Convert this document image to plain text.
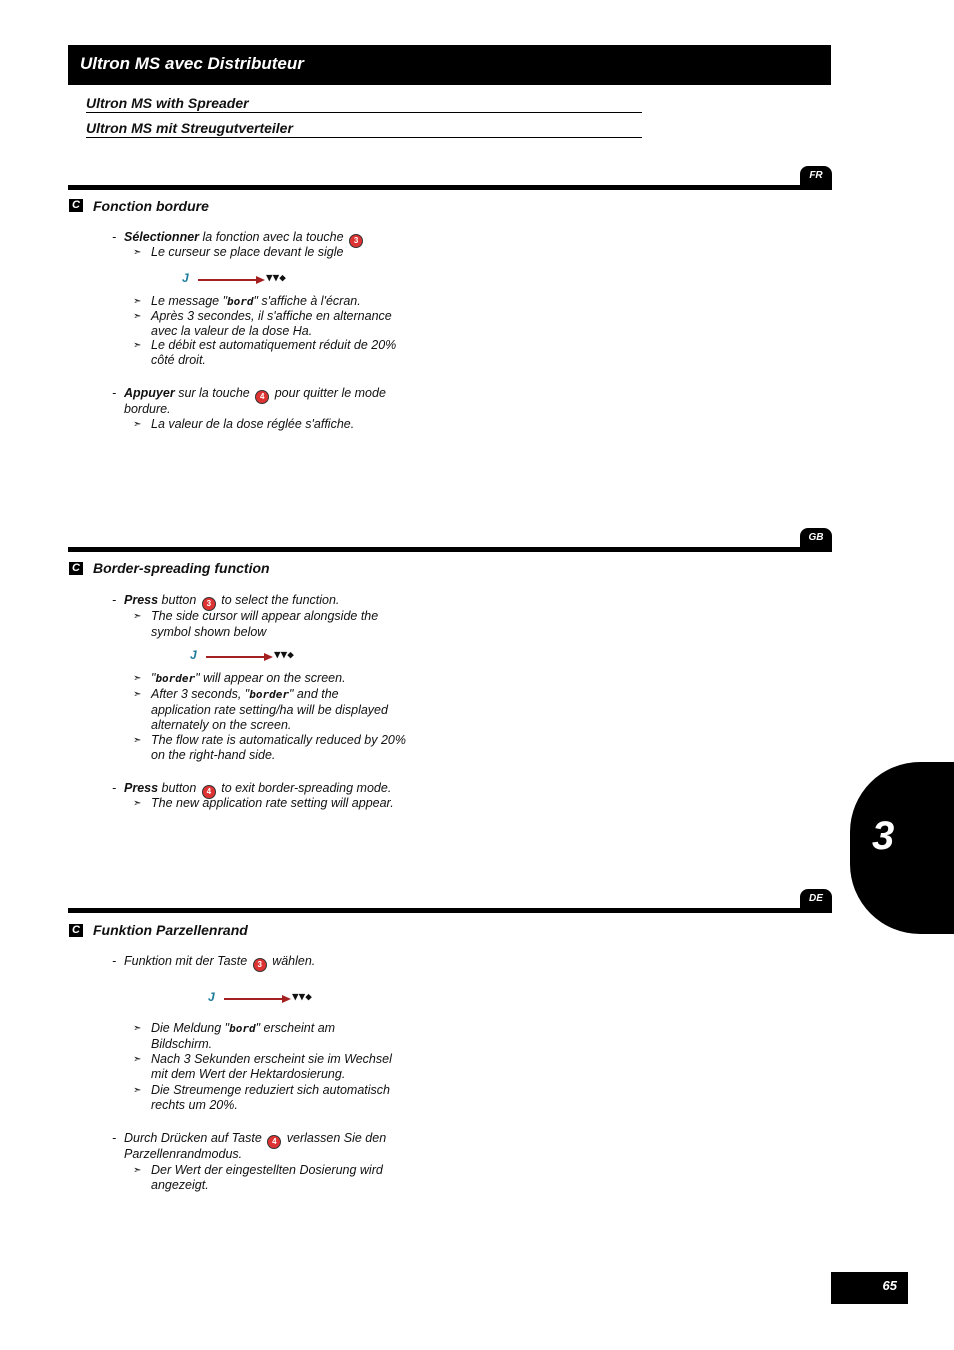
Ultron MS avec Distributeur
Ultron MS with Spreader
Ultron MS mit Streugutverteiler
FR
C Fonction bordure
- Sélectionner la fonction avec la touche 3
➣ Le curseur se place devant le sigle
J	▼▼◆
➣ Le message "bord" s'affiche à l'écran.
➣ Après 3 secondes, il s'affiche en alternance
avec la valeur de la dose Ha.
➣ Le débit est automatiquement réduit de 20%
côté droit.
- Appuyer sur la touche 4 pour quitter le mode
bordure.
➣ La valeur de la dose réglée s'affiche.
GB
C Border-spreading function
- Press button 3 to select the function.
➣ The side cursor will appear alongside the
symbol shown below
J	▼▼◆
➣ "border" will appear on the screen.
➣ After 3 seconds, "border" and the
application rate setting/ha will be displayed
alternately on the screen.
➣ The flow rate is automatically reduced by 20%
on the right-hand side.
- Press button 4 to exit border-spreading mode.
➣ The new application rate setting will appear.
DE
C Funktion Parzellenrand
- Funktion mit der Taste 3 wählen.
J	▼▼◆
➣ Die Meldung "bord" erscheint am
Bildschirm.
➣ Nach 3 Sekunden erscheint sie im Wechsel
mit dem Wert der Hektardosierung.
➣ Die Streumenge reduziert sich automatisch
rechts um 20%.
- Durch Drücken auf Taste 4 verlassen Sie den
Parzellenrandmodus.
➣ Der Wert der eingestellten Dosierung wird
angezeigt.
3
65
